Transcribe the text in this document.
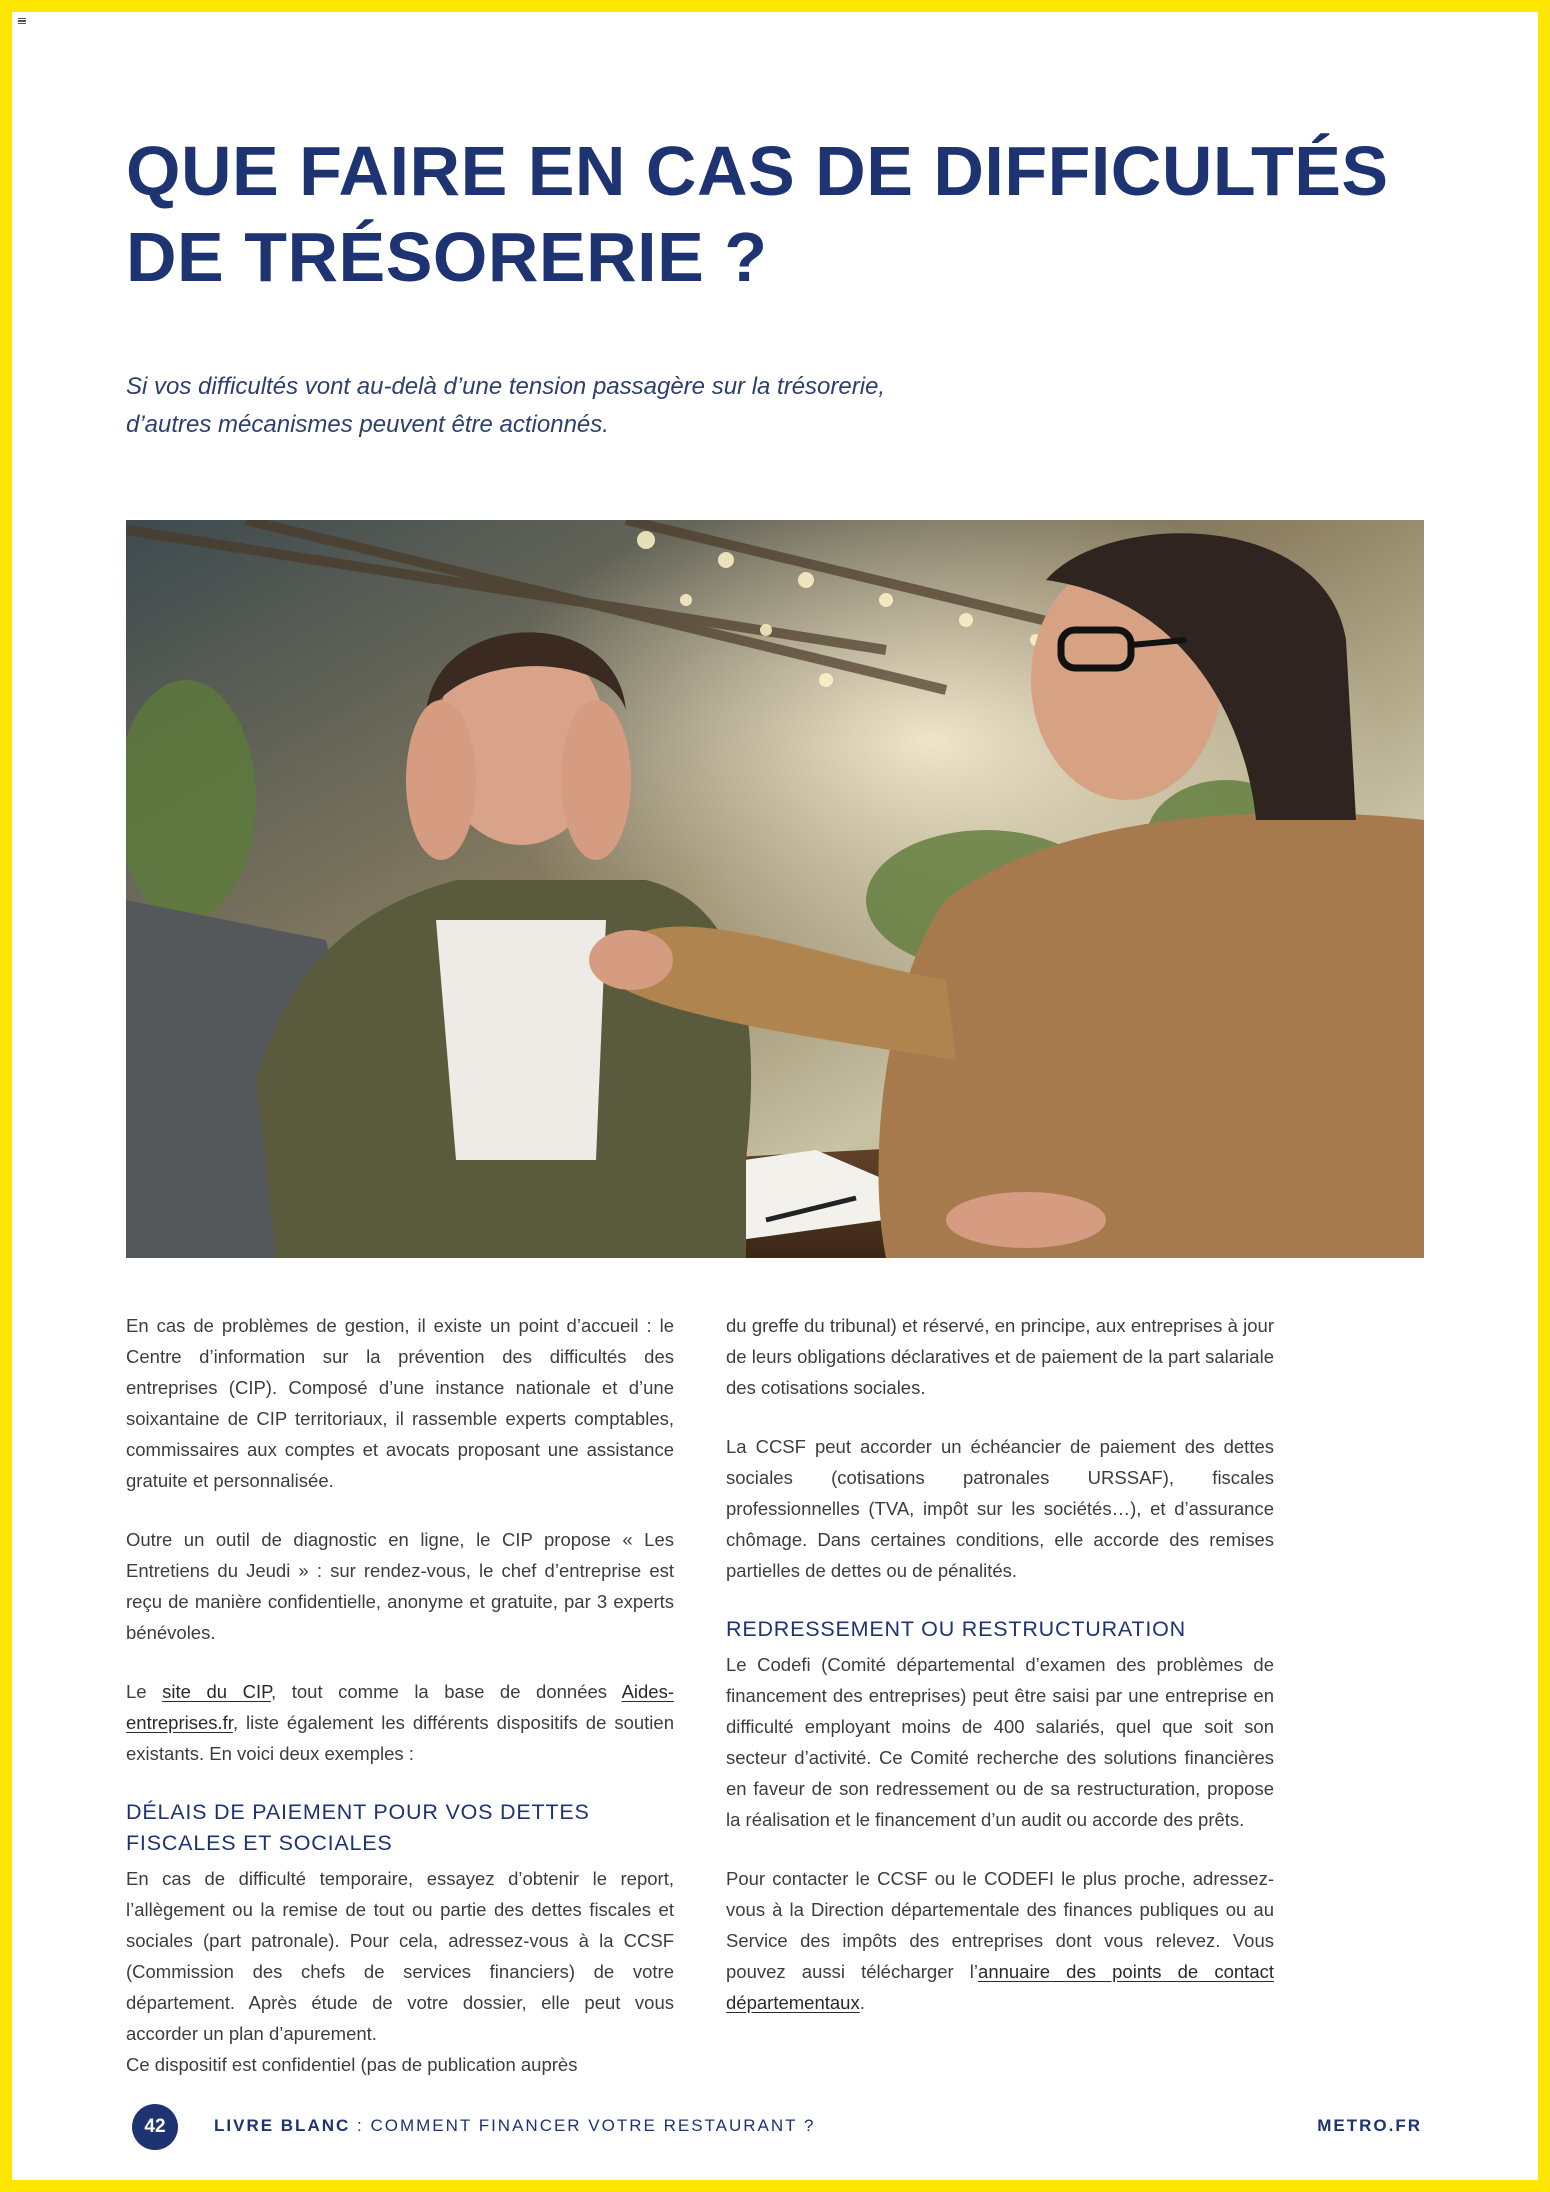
QUE FAIRE EN CAS DE DIFFICULTÉS
DE TRÉSORERIE ?

Si vos difficultés vont au-delà d’une tension passagère sur la trésorerie,
d’autres mécanismes peuvent être actionnés.

En cas de problèmes de gestion, il existe un point d’accueil : le Centre d’information sur la prévention des difficultés des entreprises (CIP). Composé d’une instance nationale et d’une soixantaine de CIP territoriaux, il rassemble experts comptables, commissaires aux comptes et avocats proposant une assistance gratuite et personnalisée.

Outre un outil de diagnostic en ligne, le CIP propose « Les Entretiens du Jeudi » : sur rendez-vous, le chef d’entreprise est reçu de manière confidentielle, anonyme et gratuite, par 3 experts bénévoles.

Le site du CIP, tout comme la base de données Aides-entreprises.fr, liste également les différents dispositifs de soutien existants. En voici deux exemples :

DÉLAIS DE PAIEMENT POUR VOS DETTES
FISCALES ET SOCIALES

En cas de difficulté temporaire, essayez d’obtenir le report, l’allègement ou la remise de tout ou partie des dettes fiscales et sociales (part patronale). Pour cela, adressez-vous à la CCSF (Commission des chefs de services financiers) de votre département. Après étude de votre dossier, elle peut vous accorder un plan d’apurement.

Ce dispositif est confidentiel (pas de publication auprès

du greffe du tribunal) et réservé, en principe, aux entreprises à jour de leurs obligations déclaratives et de paiement de la part salariale des cotisations sociales.

La CCSF peut accorder un échéancier de paiement des dettes sociales (cotisations patronales URSSAF), fiscales professionnelles (TVA, impôt sur les sociétés…), et d’assurance chômage. Dans certaines conditions, elle accorde des remises partielles de dettes ou de pénalités.

REDRESSEMENT OU RESTRUCTURATION

Le Codefi (Comité départemental d’examen des problèmes de financement des entreprises) peut être saisi par une entreprise en difficulté employant moins de 400 salariés, quel que soit son secteur d’activité. Ce Comité recherche des solutions financières en faveur de son redressement ou de sa restructuration, propose la réalisation et le financement d’un audit ou accorde des prêts.

Pour contacter le CCSF ou le CODEFI le plus proche, adressez-vous à la Direction départementale des finances publiques ou au Service des impôts des entreprises dont vous relevez. Vous pouvez aussi télécharger l’annuaire des points de contact départementaux.

42	LIVRE BLANC : COMMENT FINANCER VOTRE RESTAURANT ?	METRO.FR
